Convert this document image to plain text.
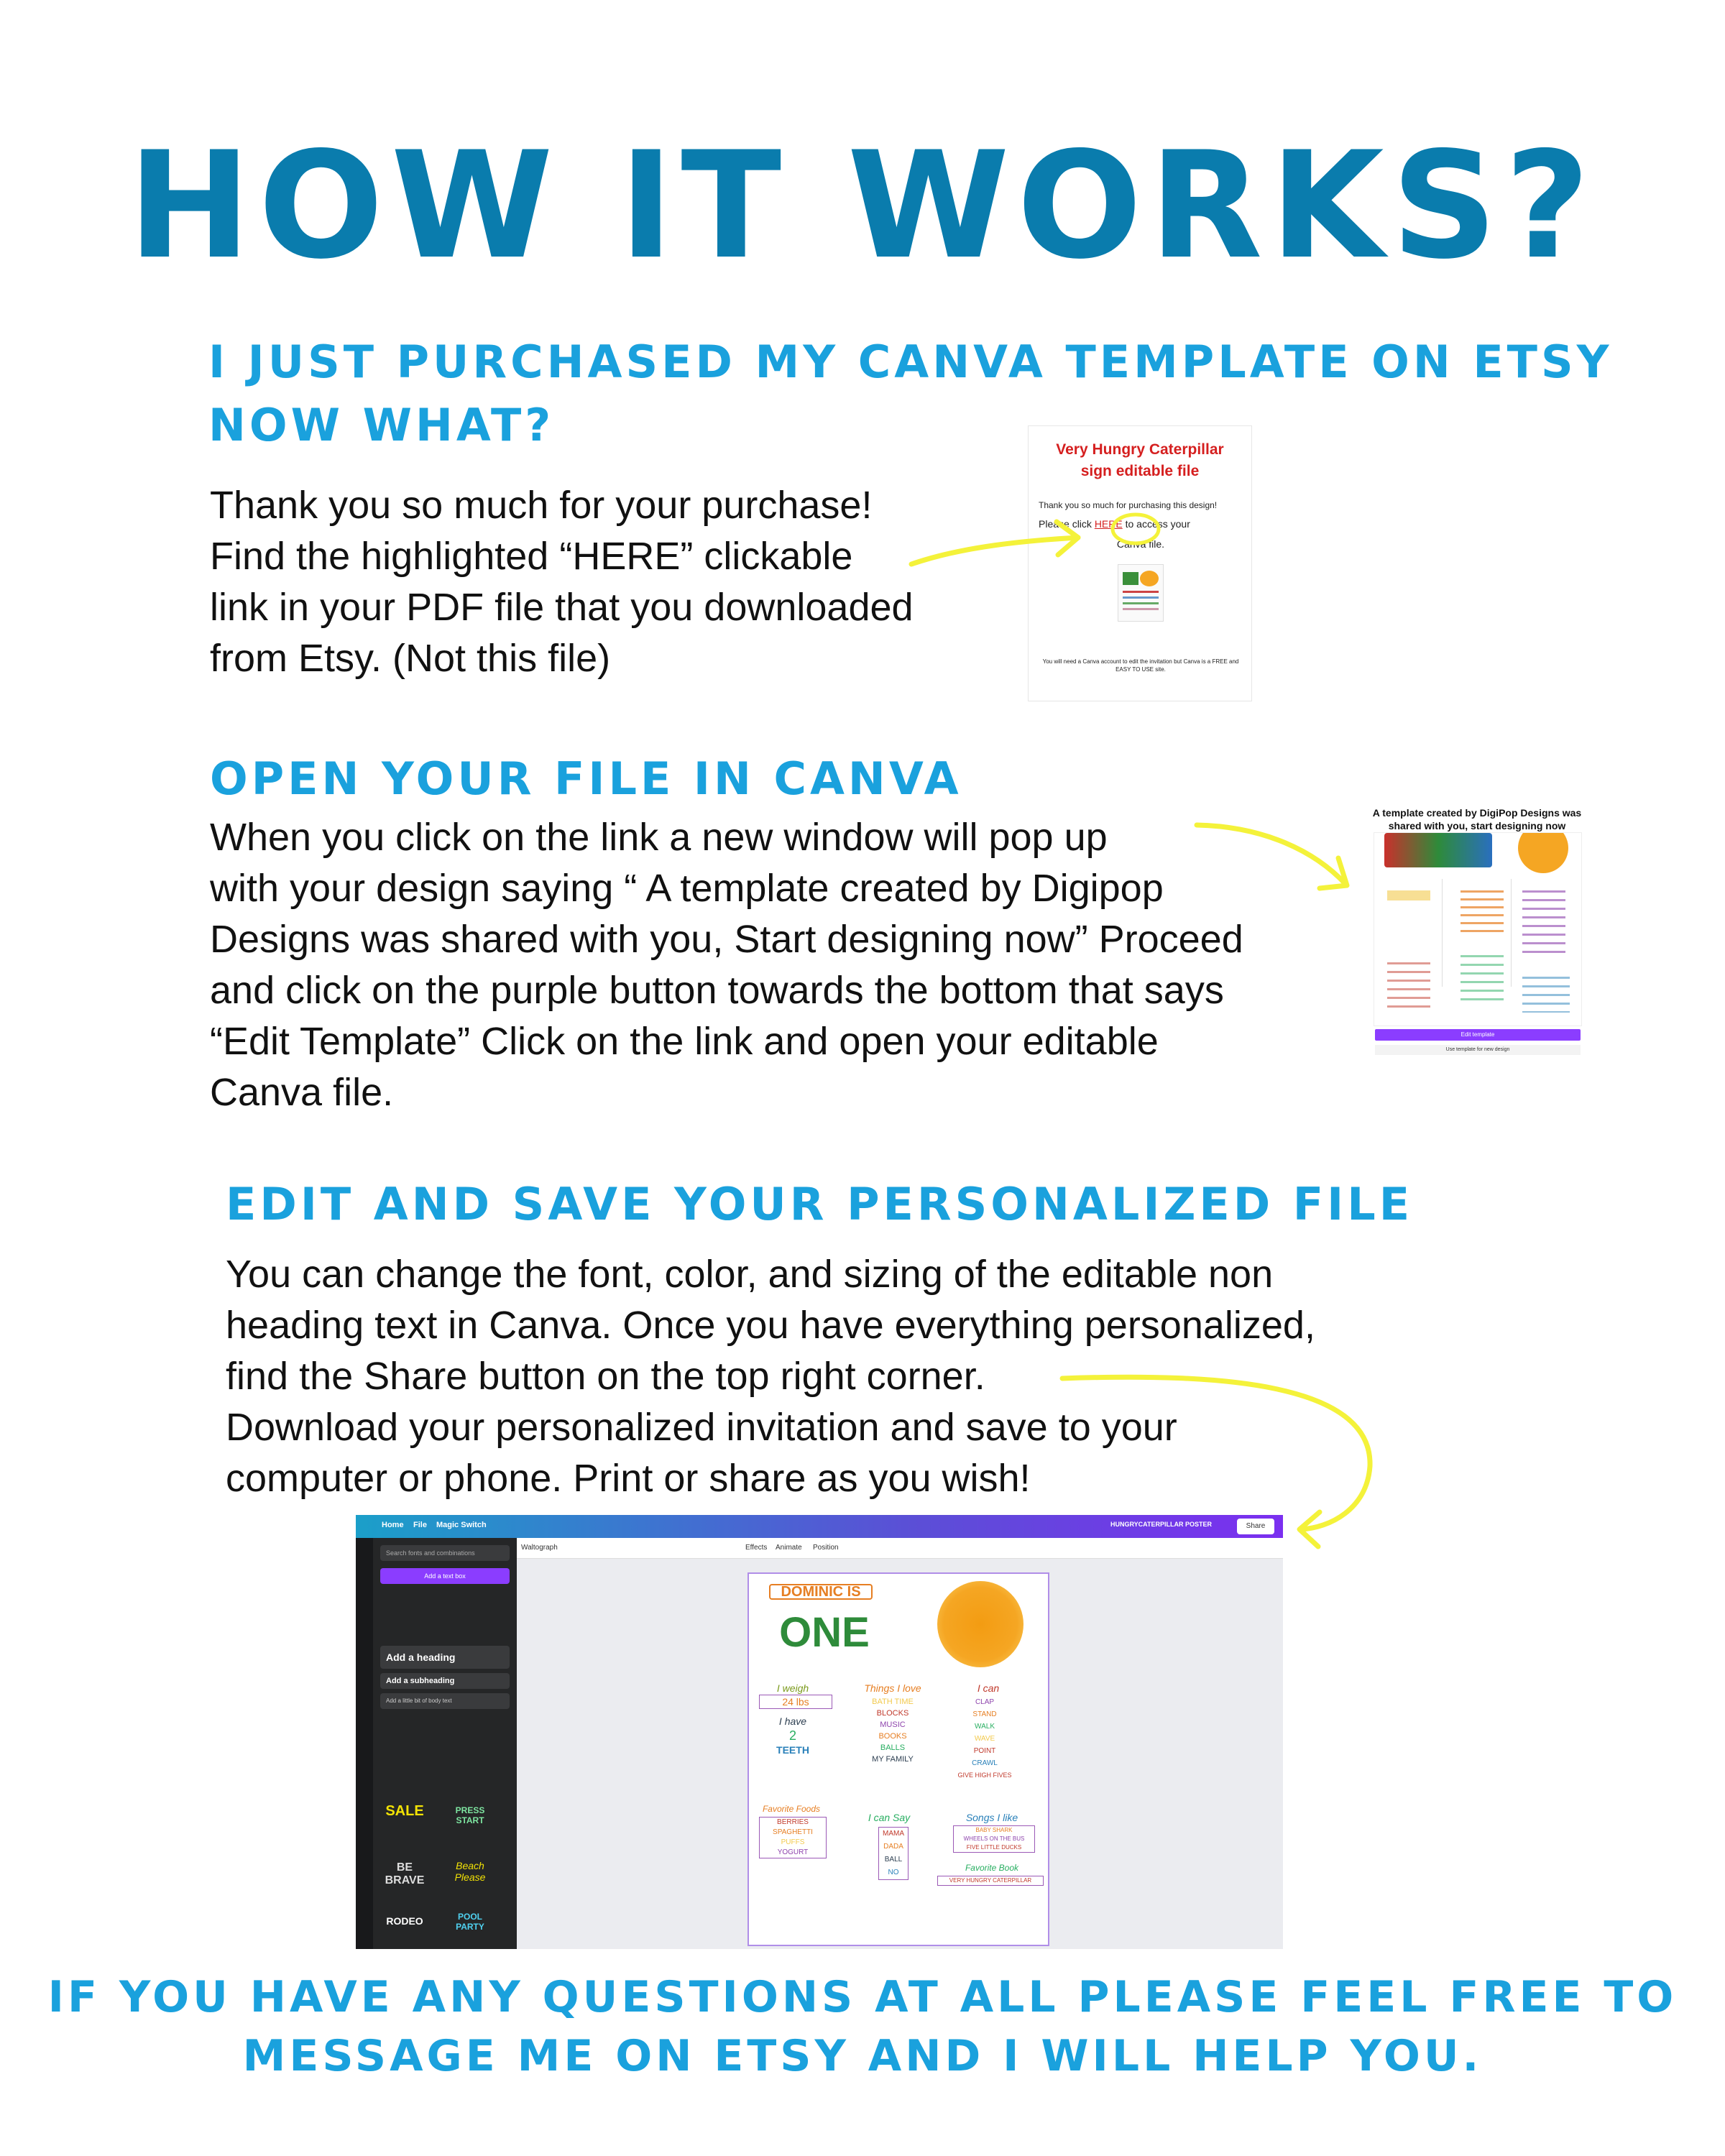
HOW IT WORKS?
I JUST PURCHASED MY CANVA TEMPLATE ON ETSY
NOW WHAT?

Thank you so much for your purchase!
Find the highlighted “HERE” clickable
link in your PDF file that you downloaded
from Etsy. (Not this file)

Very Hungry Caterpillar
sign editable file
Thank you so much for purchasing this design!
Please click HERE to access your
Canva file.
You will need a Canva account to edit the invitation but Canva is a FREE and EASY TO USE site.
OPEN YOUR FILE IN CANVA

When you click on the link a new window will pop up
with your design saying “ A template created by Digipop
Designs was shared with you, Start designing now” Proceed
and click on the purple button towards the bottom that says
“Edit Template” Click on the link and open your editable
Canva file.

A template created by DigiPop Designs was shared with you, start designing now
Edit template
Use template for new design
EDIT AND SAVE YOUR PERSONALIZED FILE

You can change the font, color, and sizing of the editable non
heading text in Canva. Once you have everything personalized,
find the Share button on the top right corner.
Download your personalized invitation and save to your
computer or phone. Print or share as you wish!

Home File Magic Switch	HUNGRYCATERPILLAR POSTER	Share
Search fonts and combinations
Add a text box
Add a heading
Add a subheading
Add a little bit of body text
SALE	PRESS START
BE BRAVE
Beach Please
RODEO	POOL PARTY
Waltograph	Effects Animate Position
DOMINIC IS
ONE
I weigh
24 lbs
I have
2
TEETH
Things I love
BATH TIME
BLOCKS
MUSIC
BOOKS
BALLS
MY FAMILY
I can
CLAP
STAND
WALK
WAVE
POINT
CRAWL
GIVE HIGH FIVES
Favorite Foods
BERRIES
SPAGHETTI
PUFFS
YOGURT
I can Say
MAMA
DADA
BALL
NO
Songs I like
BABY SHARK
WHEELS ON THE BUS
FIVE LITTLE DUCKS
Favorite Book
VERY HUNGRY CATERPILLAR
IF YOU HAVE ANY QUESTIONS AT ALL PLEASE FEEL FREE TO
MESSAGE ME ON ETSY AND I WILL HELP YOU.
